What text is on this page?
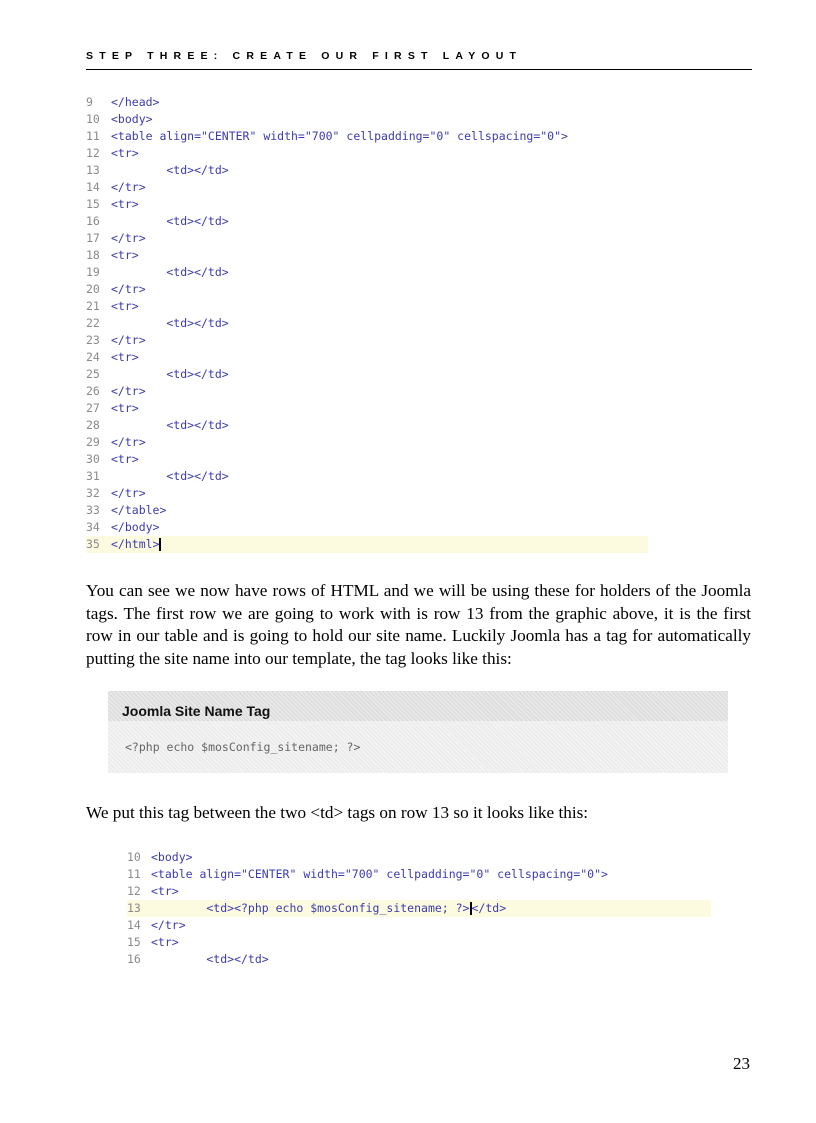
STEP THREE: CREATE OUR FIRST LAYOUT
9 </head>
10 <body>
11 <table align="CENTER" width="700" cellpadding="0" cellspacing="0">
12 <tr>
13 <td></td>
14 </tr>
15 <tr>
16 <td></td>
17 </tr>
18 <tr>
19 <td></td>
20 </tr>
21 <tr>
22 <td></td>
23 </tr>
24 <tr>
25 <td></td>
26 </tr>
27 <tr>
28 <td></td>
29 </tr>
30 <tr>
31 <td></td>
32 </tr>
33 </table>
34 </body>
35 </html>

You can see we now have rows of HTML and we will be using these for holders of the Joomla tags. The first row we are going to work with is row 13 from the graphic above, it is the first row in our table and is going to hold our site name. Luckily Joomla has a tag for automatically putting the site name into our template, the tag looks like this:

Joomla Site Name Tag
<?php echo $mosConfig_sitename; ?>

We put this tag between the two <td> tags on row 13 so it looks like this:

10 <body>
11 <table align="CENTER" width="700" cellpadding="0" cellspacing="0">
12 <tr>
13 <td><?php echo $mosConfig_sitename; ?> </td>
14 </tr>
15 <tr>
16 <td></td>
23
